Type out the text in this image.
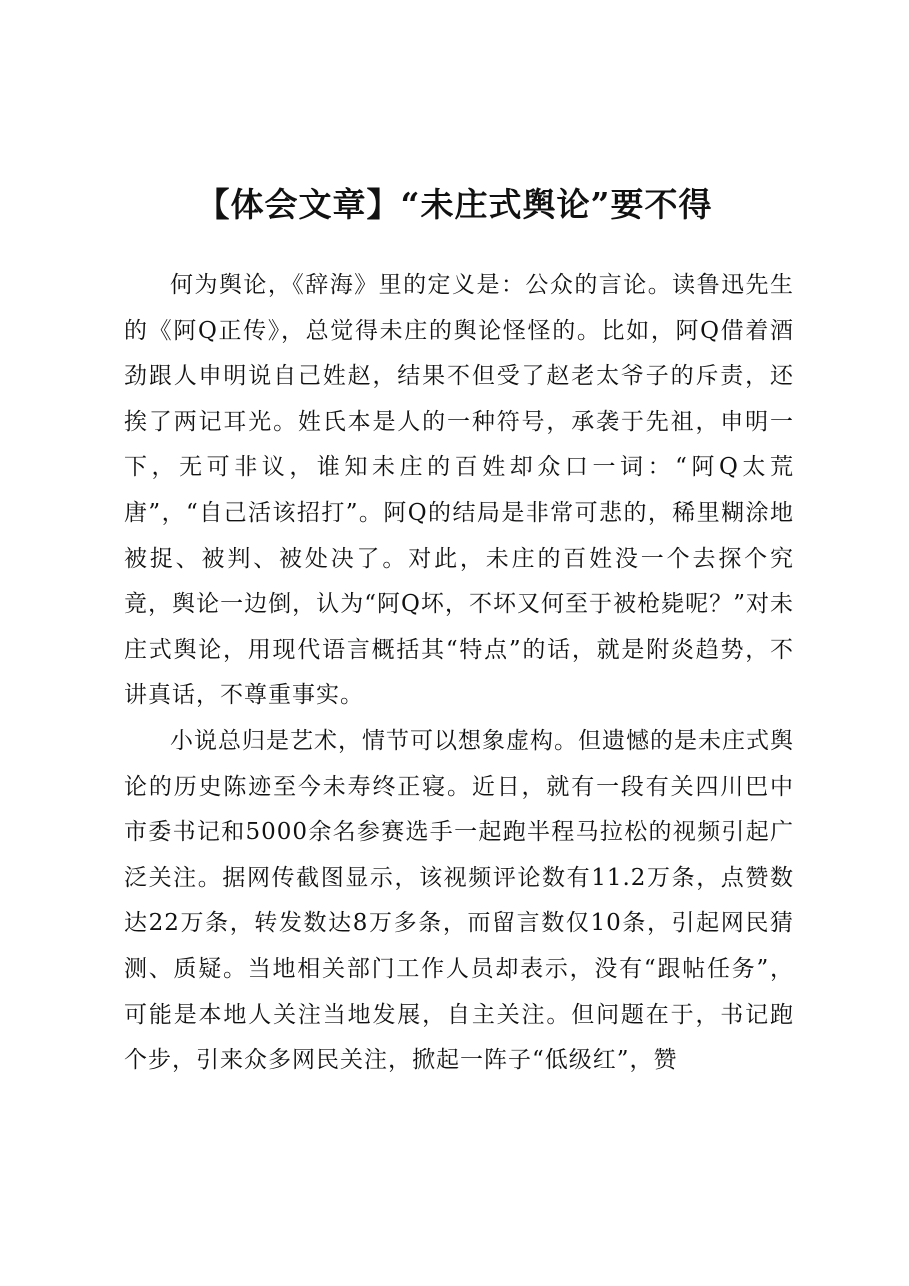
【体会文章】“未庄式舆论”要不得

何为舆论，《辞海》里的定义是：公众的言论。读鲁迅先生的《阿Q正传》，总觉得未庄的舆论怪怪的。比如，阿Q借着酒劲跟人申明说自己姓赵，结果不但受了赵老太爷子的斥责，还挨了两记耳光。姓氏本是人的一种符号，承袭于先祖，申明一下，无可非议，谁知未庄的百姓却众口一词：“阿Q太荒唐”，“自己活该招打”。阿Q的结局是非常可悲的，稀里糊涂地被捉、被判、被处决了。对此，未庄的百姓没一个去探个究竟，舆论一边倒，认为“阿Q坏，不坏又何至于被枪毙呢？”对未庄式舆论，用现代语言概括其“特点”的话，就是附炎趋势，不讲真话，不尊重事实。

小说总归是艺术，情节可以想象虚构。但遗憾的是未庄式舆论的历史陈迹至今未寿终正寝。近日，就有一段有关四川巴中市委书记和5000余名参赛选手一起跑半程马拉松的视频引起广泛关注。据网传截图显示，该视频评论数有11.2万条，点赞数达22万条，转发数达8万多条，而留言数仅10条，引起网民猜测、质疑。当地相关部门工作人员却表示，没有“跟帖任务”，可能是本地人关注当地发展，自主关注。但问题在于，书记跑个步，引来众多网民关注，掀起一阵子“低级红”，赞
